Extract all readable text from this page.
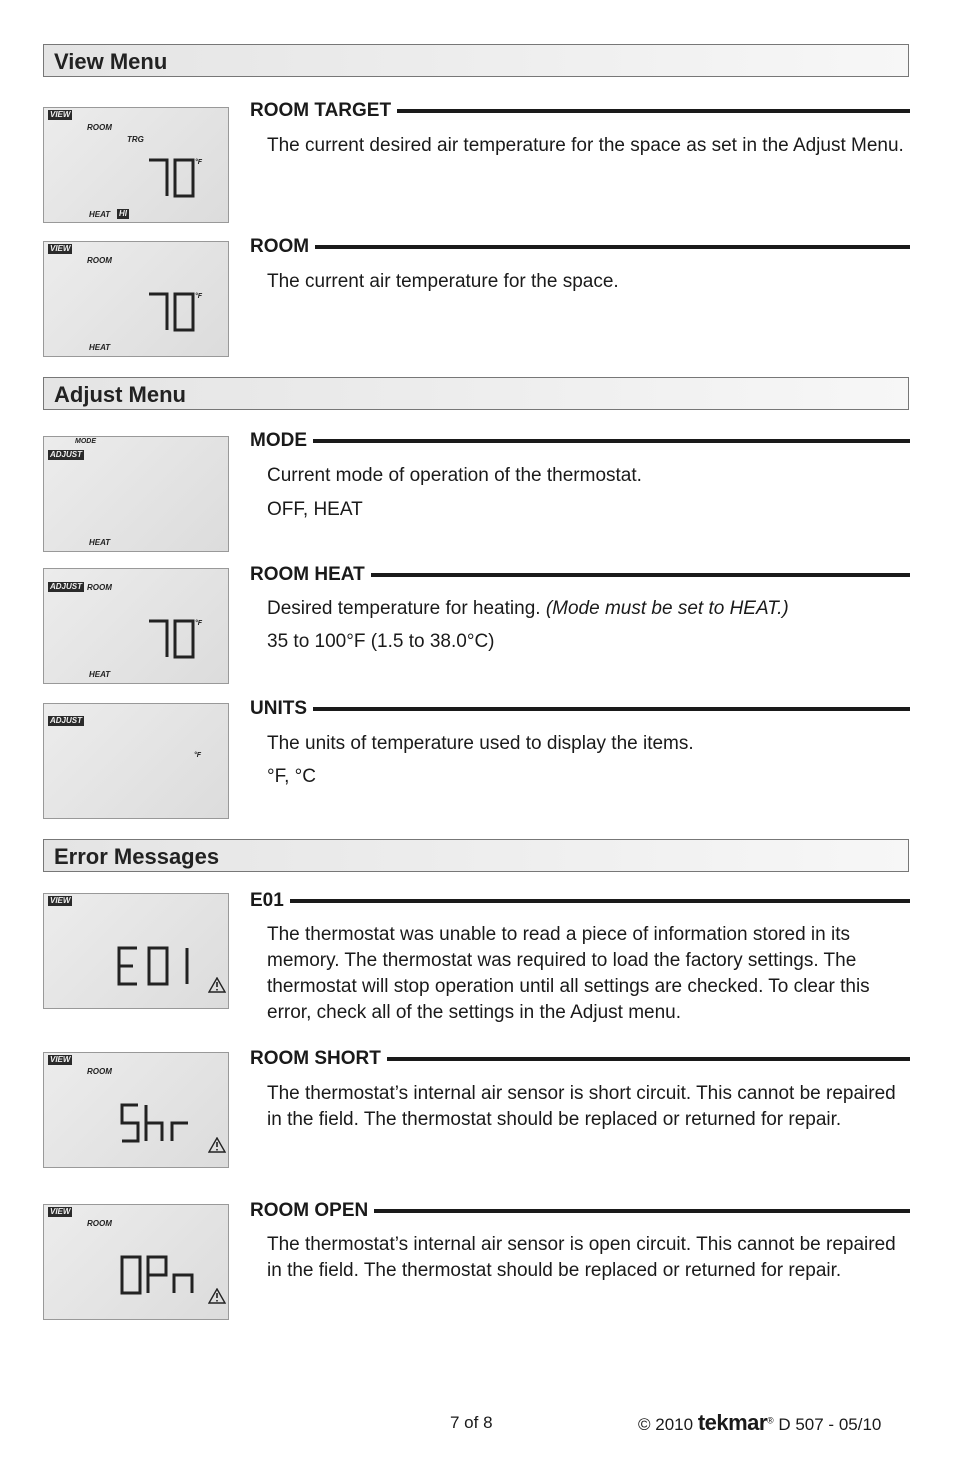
View Menu
VIEW
ROOM
TRG
°F
HEAT HI
ROOM TARGET
The current desired air temperature for the space as set in the Adjust Menu.
VIEW
ROOM
°F
HEAT
ROOM
The current air temperature for the space.
Adjust Menu
MODE
ADJUST
HEAT
MODE
Current mode of operation of the thermostat.
OFF, HEAT
ADJUST ROOM
°F
HEAT
ROOM HEAT
Desired temperature for heating. (Mode must be set to HEAT.)
35 to 100°F (1.5 to 38.0°C)
ADJUST
°F
UNITS
The units of temperature used to display the items.
°F, °C
Error Messages
VIEW	E01
The thermostat was unable to read a piece of information stored in its memory. The thermostat was required to load the factory settings. The thermostat will stop operation until all settings are checked. To clear this error, check all of the settings in the Adjust menu.
VIEW
ROOM
ROOM SHORT
The thermostat’s internal air sensor is short circuit. This cannot be repaired in the field. The thermostat should be replaced or returned for repair.
VIEW
ROOM
ROOM OPEN
The thermostat’s internal air sensor is open circuit. This cannot be repaired in the field. The thermostat should be replaced or returned for repair.
7 of 8	© 2010 tekmar® D 507 - 05/10
